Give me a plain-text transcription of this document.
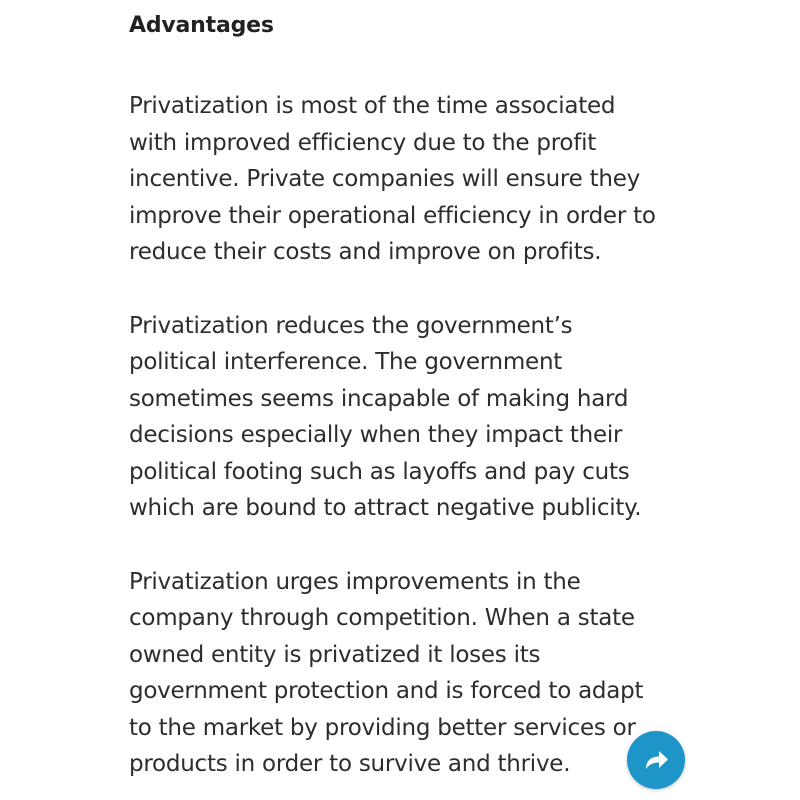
Advantages

Privatization is most of the time associated
with improved efficiency due to the profit
incentive. Private companies will ensure they
improve their operational efficiency in order to
reduce their costs and improve on profits.

Privatization reduces the government’s
political interference. The government
sometimes seems incapable of making hard
decisions especially when they impact their
political footing such as layoffs and pay cuts
which are bound to attract negative publicity.

Privatization urges improvements in the
company through competition. When a state
owned entity is privatized it loses its
government protection and is forced to adapt
to the market by providing better services or
products in order to survive and thrive.
